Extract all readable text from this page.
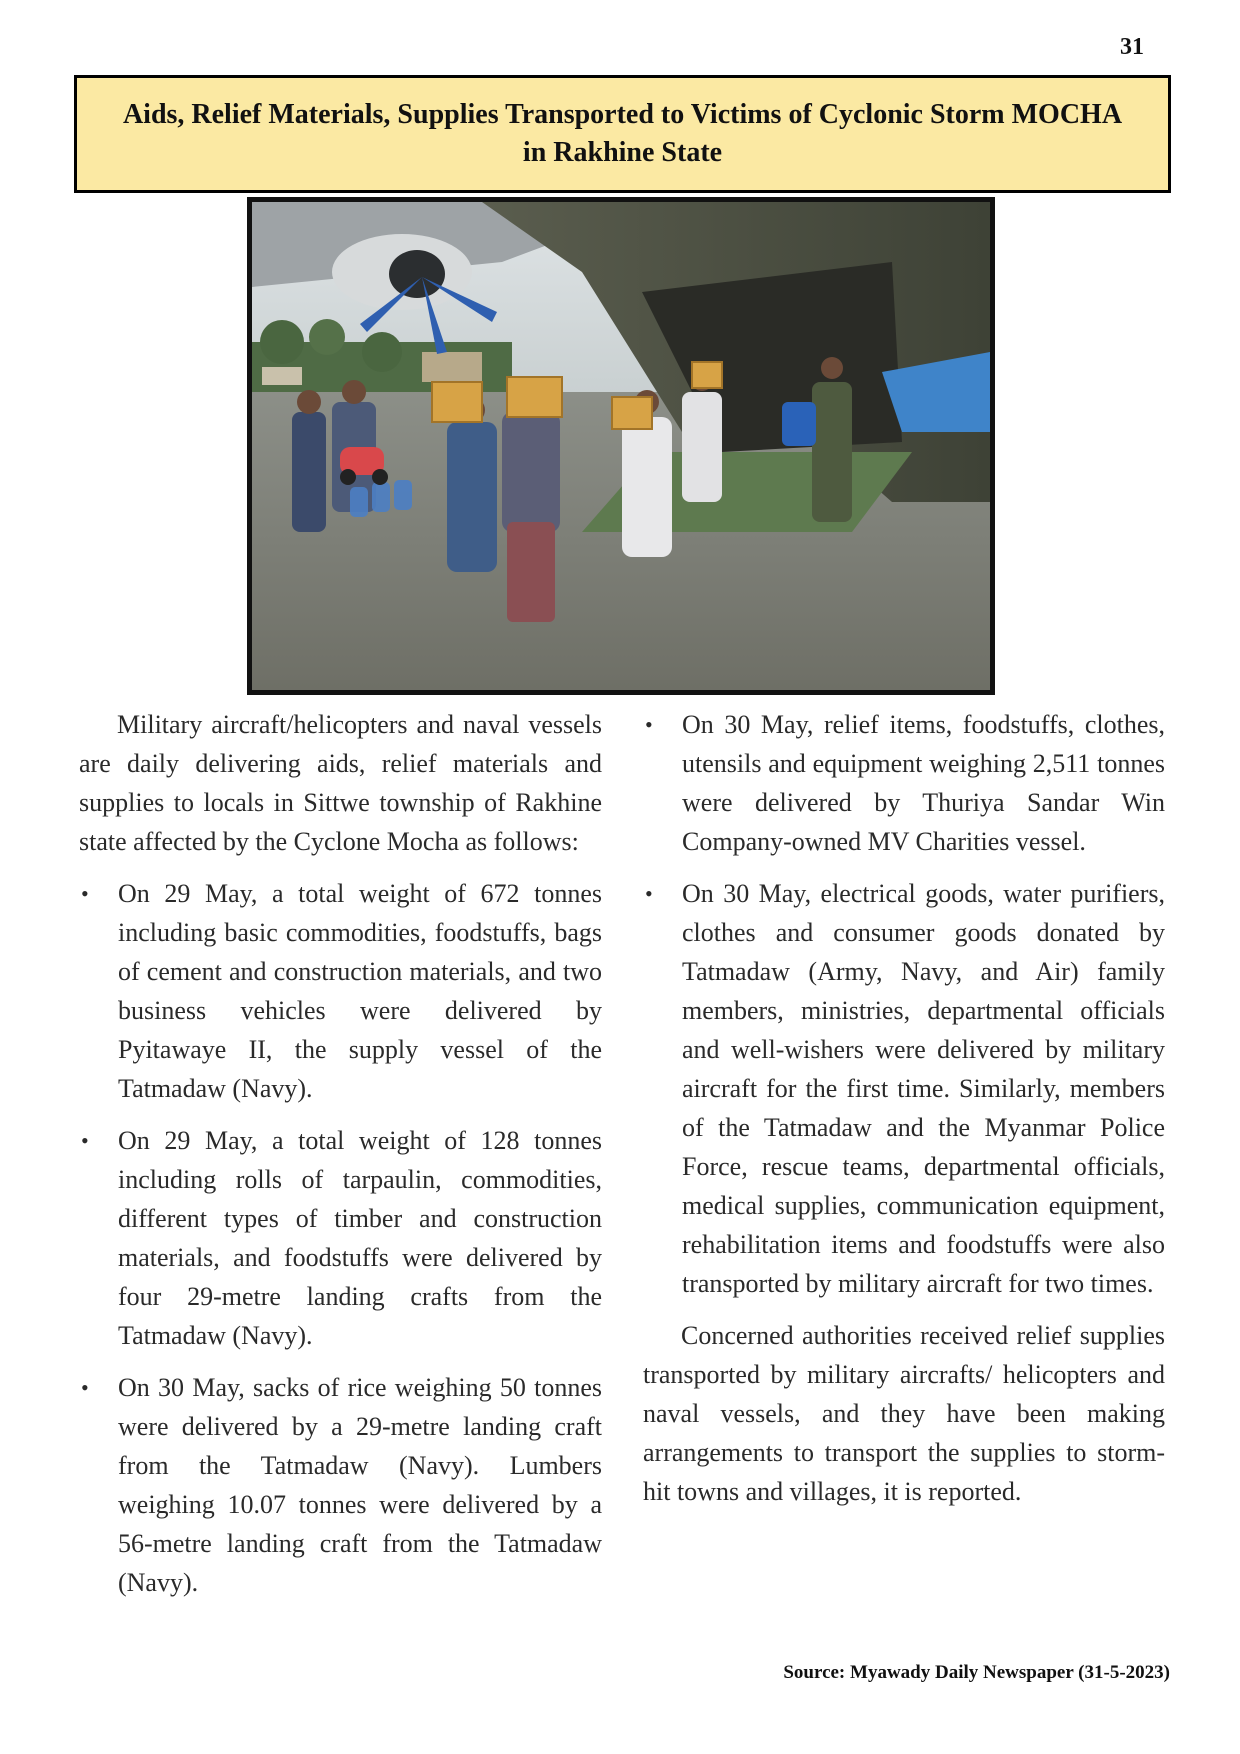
31
Aids, Relief Materials, Supplies Transported to Victims of Cyclonic Storm MOCHA in Rakhine State

Military aircraft/helicopters and naval vessels are daily delivering aids, relief materials and supplies to locals in Sittwe township of Rakhine state affected by the Cyclone Mocha as follows:

• On 29 May, a total weight of 672 tonnes including basic commodities, foodstuffs, bags of cement and construction materials, and two business vehicles were delivered by Pyitawaye II, the supply vessel of the Tatmadaw (Navy).
• On 29 May, a total weight of 128 tonnes including rolls of tarpaulin, commodities, different types of timber and construction materials, and foodstuffs were delivered by four 29-metre landing crafts from the Tatmadaw (Navy).
• On 30 May, sacks of rice weighing 50 tonnes were delivered by a 29-metre landing craft from the Tatmadaw (Navy). Lumbers weighing 10.07 tonnes were delivered by a 56-metre landing craft from the Tatmadaw (Navy).
• On 30 May, relief items, foodstuffs, clothes, utensils and equipment weighing 2,511 tonnes were delivered by Thuriya Sandar Win Company-owned MV Charities vessel.
• On 30 May, electrical goods, water purifiers, clothes and consumer goods donated by Tatmadaw (Army, Navy, and Air) family members, ministries, departmental officials and well-wishers were delivered by military aircraft for the first time. Similarly, members of the Tatmadaw and the Myanmar Police Force, rescue teams, departmental officials, medical supplies, communication equipment, rehabilitation items and foodstuffs were also transported by military aircraft for two times.

Concerned authorities received relief supplies transported by military aircrafts/ helicopters and naval vessels, and they have been making arrangements to transport the supplies to storm-hit towns and villages, it is reported.

Source: Myawady Daily Newspaper (31-5-2023)
